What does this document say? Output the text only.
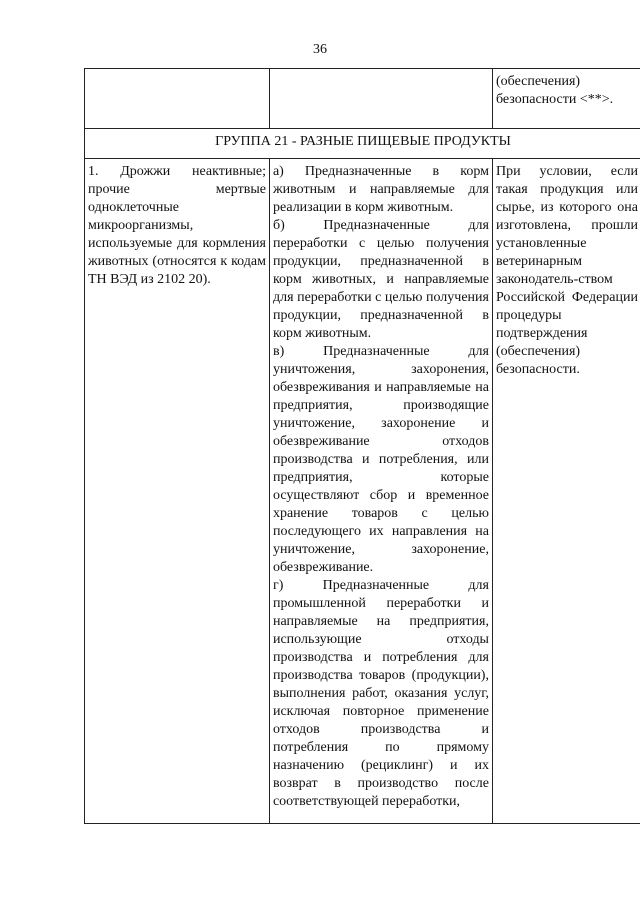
36
		(обеспечения) безопасности <**>.
ГРУППА 21 - РАЗНЫЕ ПИЩЕВЫЕ ПРОДУКТЫ		
1. Дрожжи неактивные; прочие мертвые одноклеточные микроорганизмы, используемые для кормления животных (относятся к кодам ТН ВЭД из 2102 20).	а) Предназначенные в корм животным и направляемые для реализации в корм животным.
б) Предназначенные для переработки с целью получения продукции, предназначенной в корм животных, и направляемые для переработки с целью получения продукции, предназначенной в корм животным.
в) Предназначенные для уничтожения, захоронения, обезвреживания и направляемые на предприятия, производящие уничтожение, захоронение и обезвреживание отходов производства и потребления, или предприятия, которые осуществляют сбор и временное хранение товаров с целью последующего их направления на уничтожение, захоронение, обезвреживание.
г) Предназначенные для промышленной переработки и направляемые на предприятия, использующие отходы производства и потребления для производства товаров (продукции), выполнения работ, оказания услуг, исключая повторное применение отходов производства и потребления по прямому назначению (рециклинг) и их возврат в производство после соответствующей переработки,	При условии, если такая продукция или сырье, из которого она изготовлена, прошли установленные ветеринарным законодатель-ством Российской Федерации процедуры подтверждения (обеспечения) безопасности.
